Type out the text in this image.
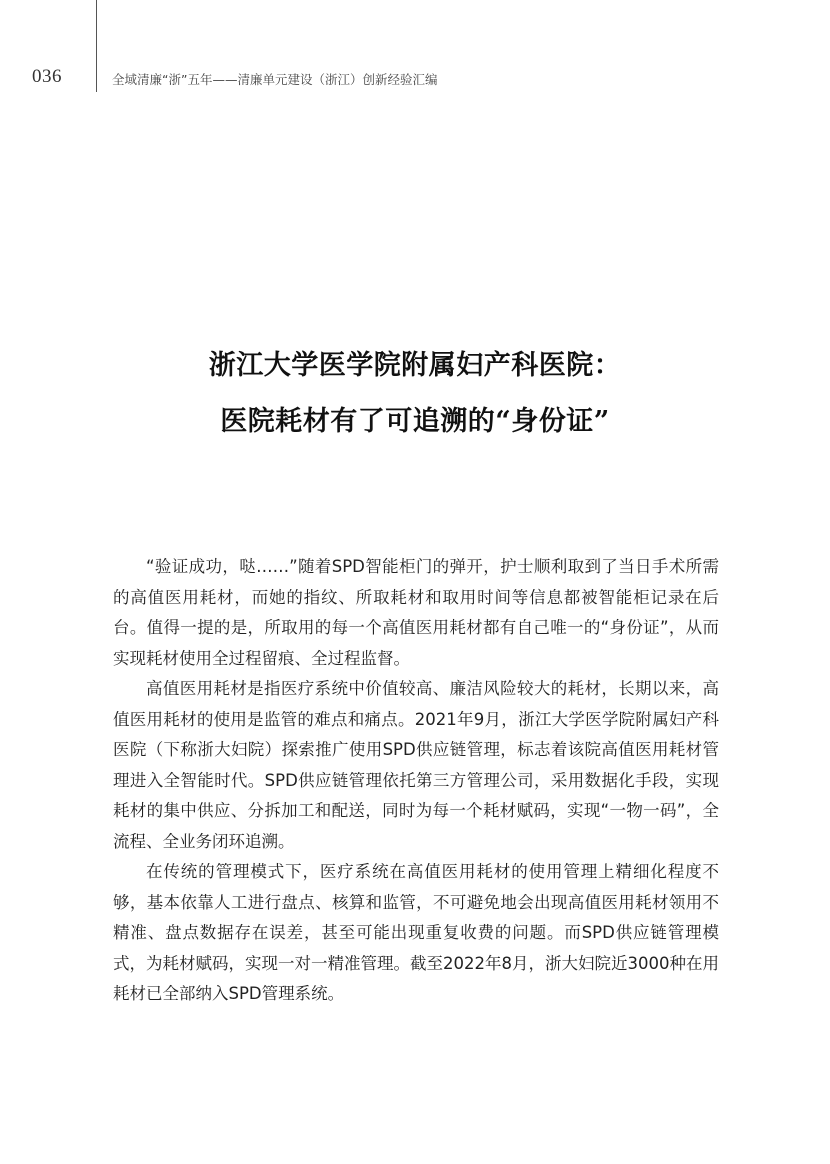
036	全域清廉“浙”五年——清廉单元建设（浙江）创新经验汇编
浙江大学医学院附属妇产科医院：
医院耗材有了可追溯的“身份证”

“验证成功，哒……”随着SPD智能柜门的弹开，护士顺利取到了当日手术所需的高值医用耗材，而她的指纹、所取耗材和取用时间等信息都被智能柜记录在后台。值得一提的是，所取用的每一个高值医用耗材都有自己唯一的“身份证”，从而实现耗材使用全过程留痕、全过程监督。

高值医用耗材是指医疗系统中价值较高、廉洁风险较大的耗材，长期以来，高值医用耗材的使用是监管的难点和痛点。2021年9月，浙江大学医学院附属妇产科医院（下称浙大妇院）探索推广使用SPD供应链管理，标志着该院高值医用耗材管理进入全智能时代。SPD供应链管理依托第三方管理公司，采用数据化手段，实现耗材的集中供应、分拆加工和配送，同时为每一个耗材赋码，实现“一物一码”，全流程、全业务闭环追溯。

在传统的管理模式下，医疗系统在高值医用耗材的使用管理上精细化程度不够，基本依靠人工进行盘点、核算和监管，不可避免地会出现高值医用耗材领用不精准、盘点数据存在误差，甚至可能出现重复收费的问题。而SPD供应链管理模式，为耗材赋码，实现一对一精准管理。截至2022年8月，浙大妇院近3000种在用耗材已全部纳入SPD管理系统。
